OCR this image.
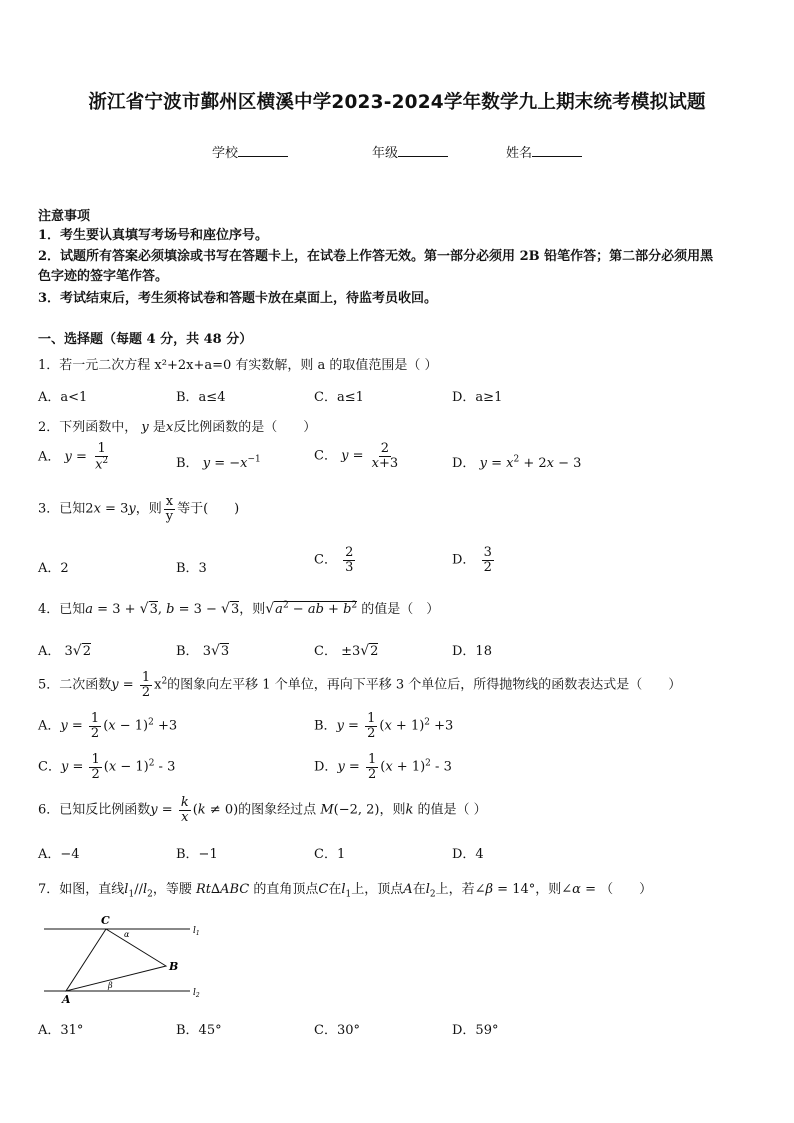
浙江省宁波市鄞州区横溪中学2023-2024学年数学九上期末统考模拟试题
学校	年级	姓名
注意事项
1．考生要认真填写考场号和座位序号。
2．试题所有答案必须填涂或书写在答题卡上，在试卷上作答无效。第一部分必须用 2B 铅笔作答；第二部分必须用黑
色字迹的签字笔作答。
3．考试结束后，考生须将试卷和答题卡放在桌面上，待监考员收回。
一、选择题（每题 4 分，共 48 分）
1．若一元二次方程 x²+2x+a=0 有实数解，则 a 的取值范围是（ ）
A．a<1	B．a≤4	C．a≤1	D．a≥1
2．下列函数中， y 是x反比例函数的是（　　）
A． $y = \frac{1}{x^2}$	B． $y = -x^{-1}$	C． $y = \frac{2}{x+3}$	D． $y = x^2 + 2x - 3$
3．已知2x = 3y，则 $\frac{x}{y}$ 等于(　　)
A．2	B．3
C． $\frac{2}{3}$	D． $\frac{3}{2}$
4．已知a = 3 + √3, b = 3 − √3，则$√a^2$ − ab + $b^2$ 的值是（　）
A． 3√2	B． 3√3	C． ±3√2	D．18
5．二次函数$y = \frac{1}{2} x^2$的图象向左平移 1 个单位，再向下平移 3 个单位后，所得抛物线的函数表达式是（　　）
A．$y = \frac{1}{2} (x - 1)^2 +3$	B．$y = \frac{1}{2} (x + 1)^2 +3$
C．$y = \frac{1}{2} (x - 1)^2 - 3$	D．$y = \frac{1}{2} (x + 1)^2 - 3$
6．已知反比例函数$y = \frac{k}{x} (k \ne 0)$的图象经过点 M(−2, 2)，则k 的值是（ ）
A．−4	B．−1	C．1	D．4
7．如图，直线$l_1//l_2$，等腰 Rt∆ABC 的直角顶点C在$l_1$上，顶点A在$l_2$上，若∠β = 14°，则∠α = （　　）
C
B
A
α
β
$l_1$
$l_2$
A．31°	B．45°	C．30°	D．59°
